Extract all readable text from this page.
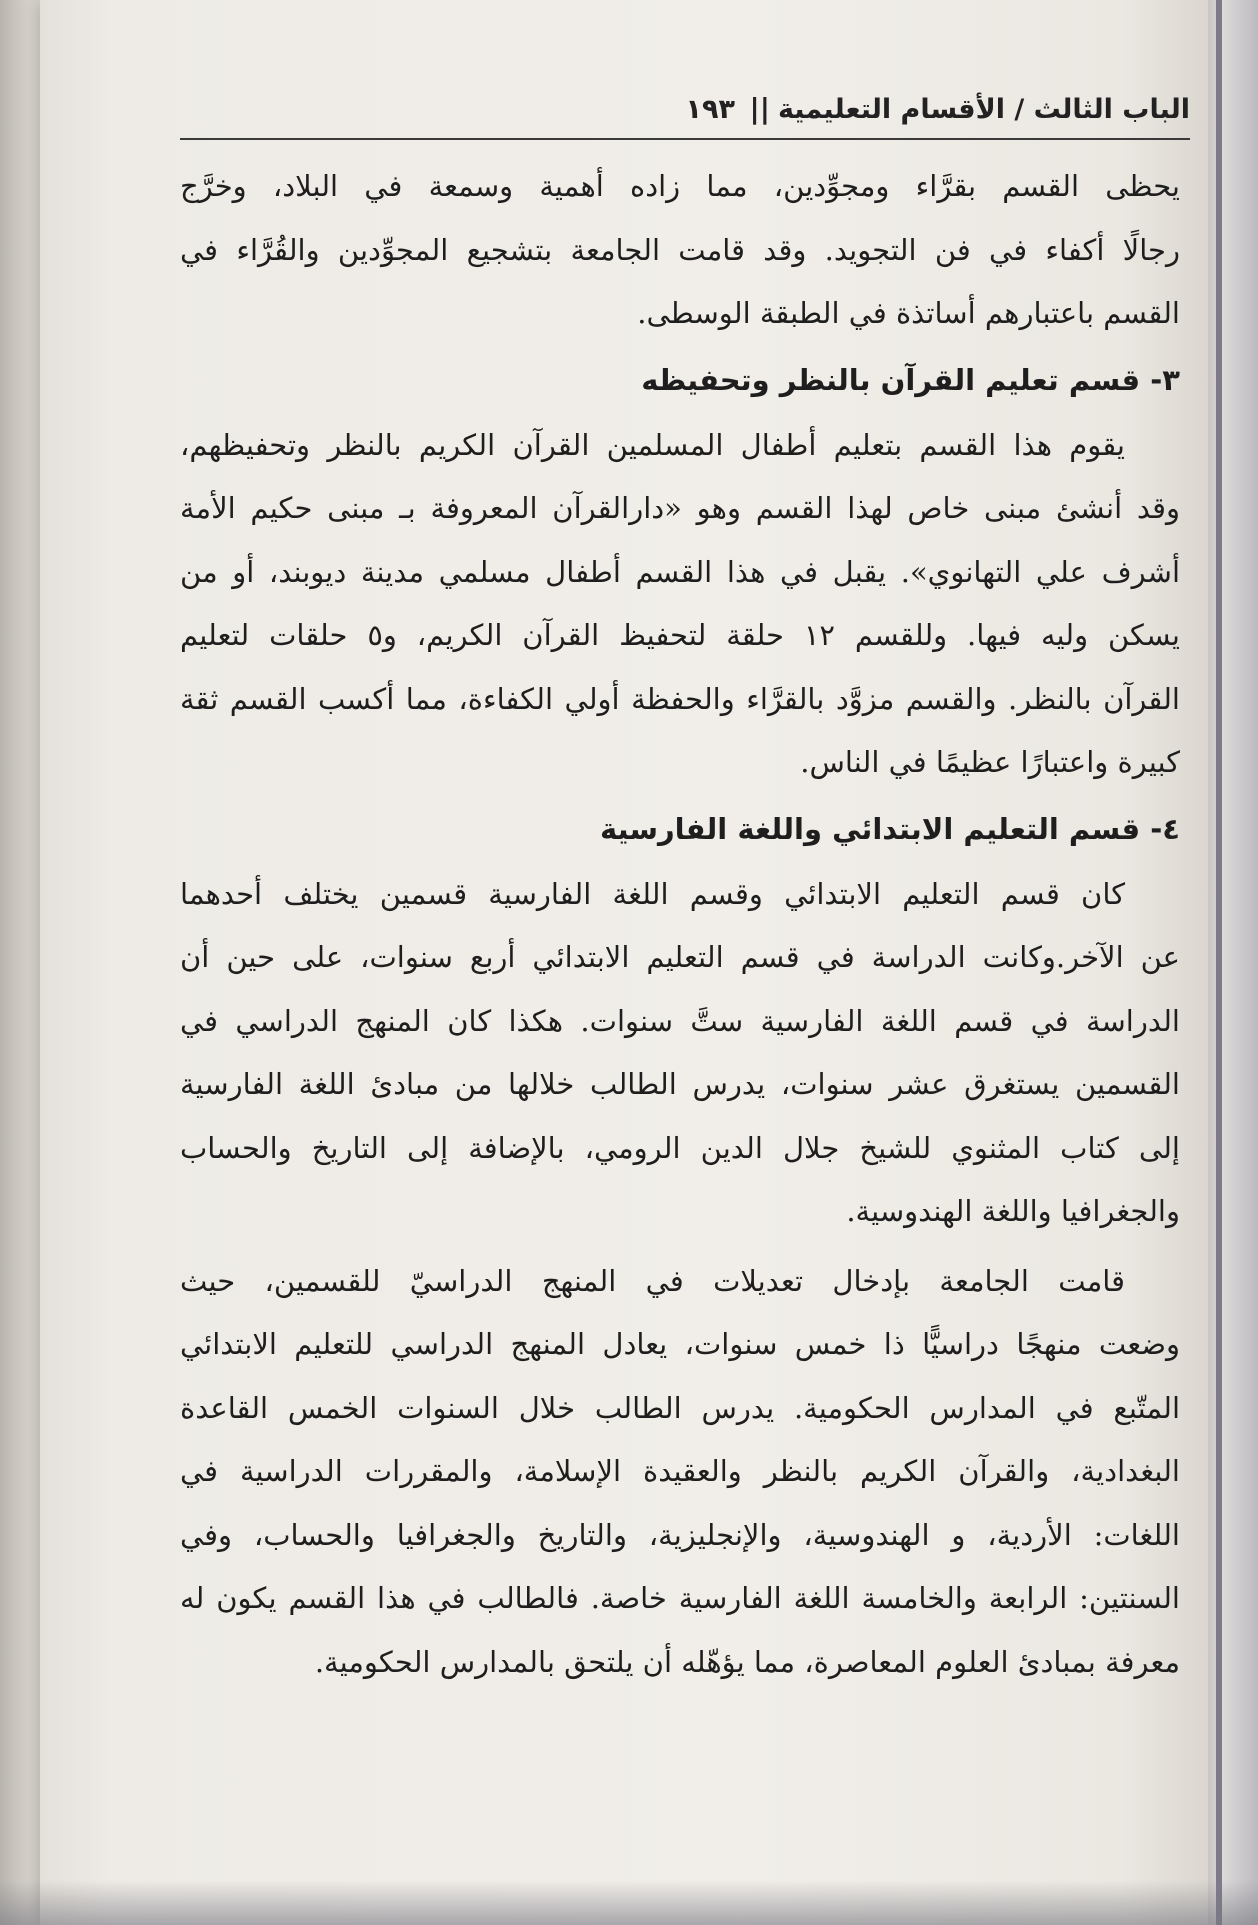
الباب الثالث / الأقسام التعليمية
||
١٩٣
يحظى القسم بقرَّاء ومجوِّدين، مما زاده أهمية وسمعة في البلاد، وخرَّج
رجالًا أكفاء في فن التجويد. وقد قامت الجامعة بتشجيع المجوِّدين والقُرَّاء في
القسم باعتبارهم أساتذة في الطبقة الوسطى.
٣- قسم تعليم القرآن بالنظر وتحفيظه
يقوم هذا القسم بتعليم أطفال المسلمين القرآن الكريم بالنظر وتحفيظهم،
وقد أنشئ مبنى خاص لهذا القسم وهو «دارالقرآن المعروفة بـ مبنى حكيم الأمة
أشرف علي التهانوي». يقبل في هذا القسم أطفال مسلمي مدينة ديوبند، أو من
يسكن وليه فيها. وللقسم ١٢ حلقة لتحفيظ القرآن الكريم، و٥ حلقات لتعليم
القرآن بالنظر. والقسم مزوَّد بالقرَّاء والحفظة أولي الكفاءة، مما أكسب القسم ثقة
كبيرة واعتبارًا عظيمًا في الناس.
٤- قسم التعليم الابتدائي واللغة الفارسية
كان قسم التعليم الابتدائي وقسم اللغة الفارسية قسمين يختلف أحدهما
عن الآخر.وكانت الدراسة في قسم التعليم الابتدائي أربع سنوات، على حين أن
الدراسة في قسم اللغة الفارسية ستَّ سنوات. هكذا كان المنهج الدراسي في
القسمين يستغرق عشر سنوات، يدرس الطالب خلالها من مبادئ اللغة الفارسية
إلى كتاب المثنوي للشيخ جلال الدين الرومي، بالإضافة إلى التاريخ والحساب
والجغرافيا واللغة الهندوسية.
قامت الجامعة بإدخال تعديلات في المنهج الدراسيّ للقسمين، حيث
وضعت منهجًا دراسيًّا ذا خمس سنوات، يعادل المنهج الدراسي للتعليم الابتدائي
المتّبع في المدارس الحكومية. يدرس الطالب خلال السنوات الخمس القاعدة
البغدادية، والقرآن الكريم بالنظر والعقيدة الإسلامة، والمقررات الدراسية في
اللغات: الأردية، و الهندوسية، والإنجليزية، والتاريخ والجغرافيا والحساب، وفي
السنتين: الرابعة والخامسة اللغة الفارسية خاصة. فالطالب في هذا القسم يكون له
معرفة بمبادئ العلوم المعاصرة، مما يؤهّله أن يلتحق بالمدارس الحكومية.
